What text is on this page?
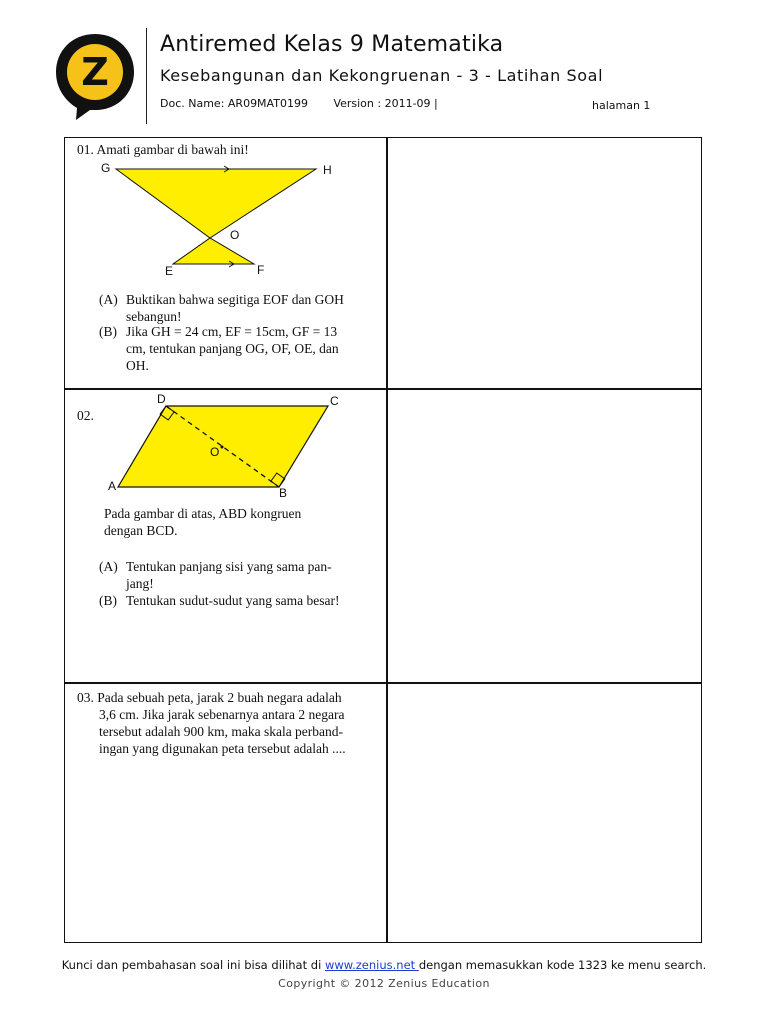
Z
Antiremed Kelas 9 Matematika
Kesebangunan dan Kekongruenan - 3 - Latihan Soal
Doc. Name: AR09MAT0199 Version : 2011-09 |	halaman 1
01. Amati gambar di bawah ini!
G	H
O
E	F
(A) Buktikan bahwa segitiga EOF dan GOH
sebangun!
(B) Jika GH = 24 cm, EF = 15cm, GF = 13
cm, tentukan panjang OG, OF, OE, dan
OH.
02.
A	B
C
D
O
Pada gambar di atas, ABD kongruen
dengan BCD.
(A) Tentukan panjang sisi yang sama pan-
jang!
(B) Tentukan sudut-sudut yang sama besar!
03. Pada sebuah peta, jarak 2 buah negara adalah
3,6 cm. Jika jarak sebenarnya antara 2 negara
tersebut adalah 900 km, maka skala perband-
ingan yang digunakan peta tersebut adalah ....
Kunci dan pembahasan soal ini bisa dilihat di www.zenius.net dengan memasukkan kode 1323 ke menu search.
Copyright © 2012 Zenius Education
